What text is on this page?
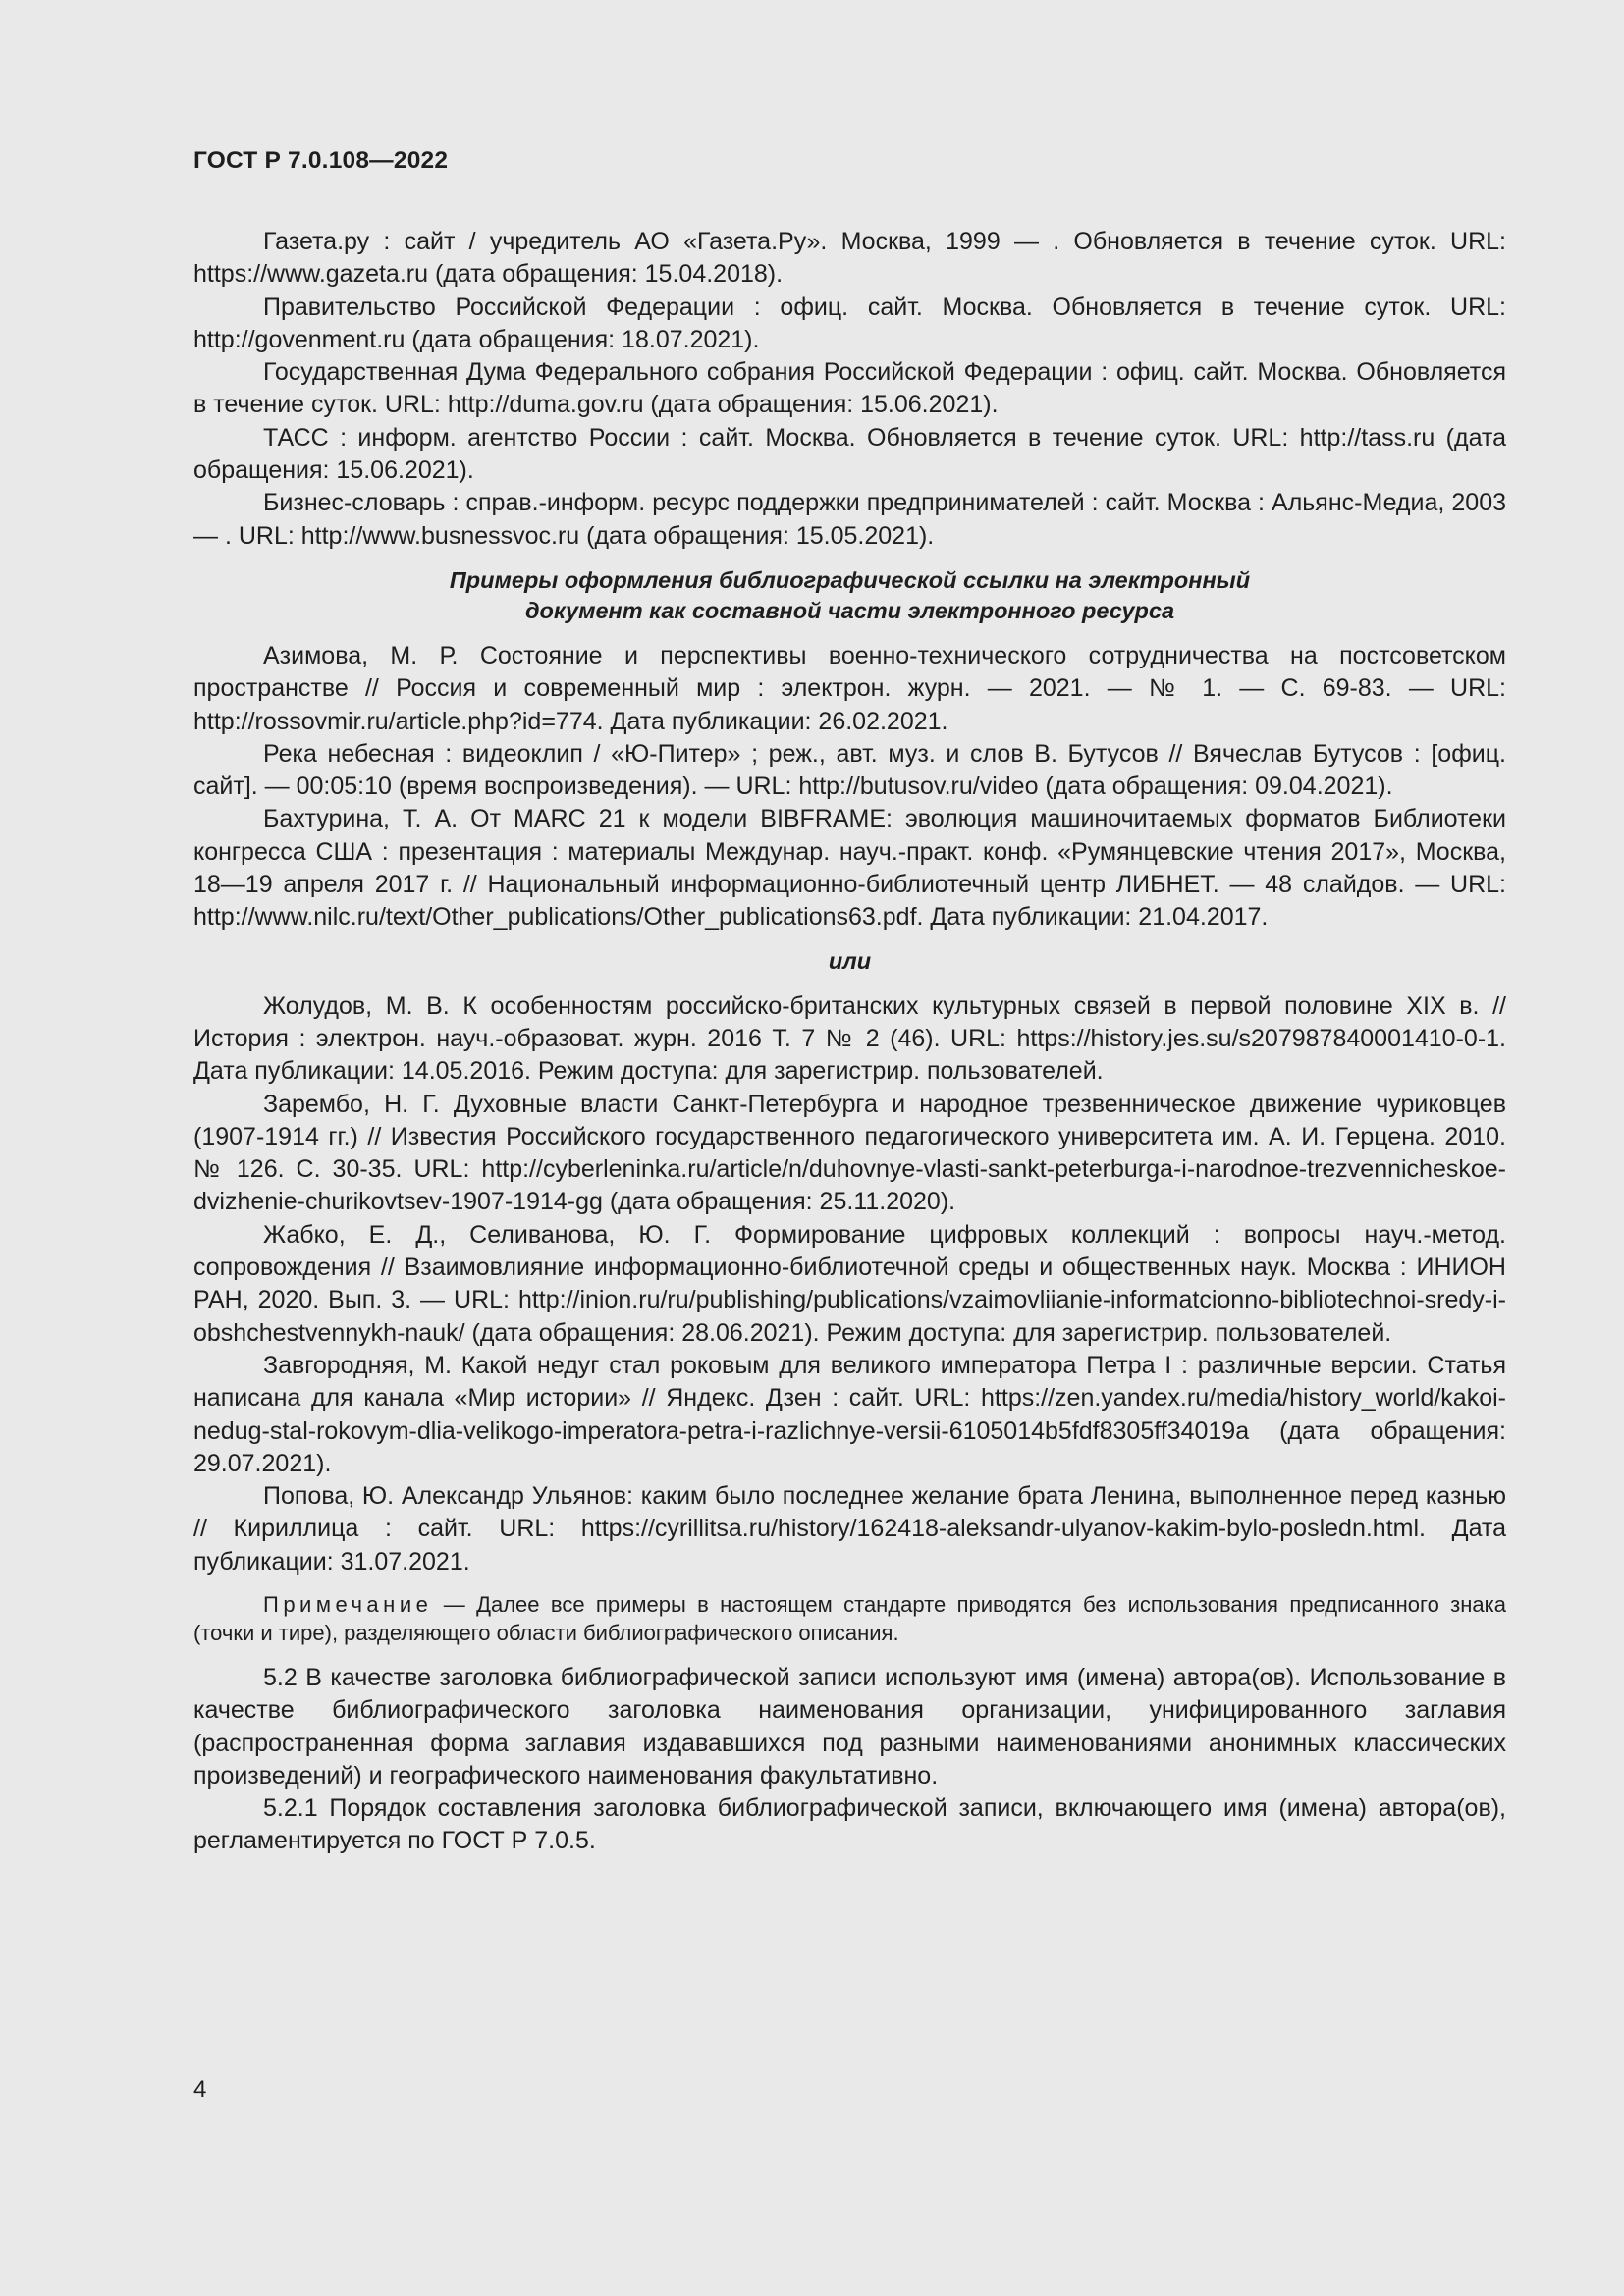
ГОСТ Р 7.0.108—2022

Газета.ру : сайт / учредитель АО «Газета.Ру». Москва, 1999 — . Обновляется в течение суток. URL: https://www.gazeta.ru (дата обращения: 15.04.2018).

Правительство Российской Федерации : офиц. сайт. Москва. Обновляется в течение суток. URL: http://govenment.ru (дата обращения: 18.07.2021).

Государственная Дума Федерального собрания Российской Федерации : офиц. сайт. Москва. Обновляется в течение суток. URL: http://duma.gov.ru (дата обращения: 15.06.2021).

ТАСС : информ. агентство России : сайт. Москва. Обновляется в течение суток. URL: http://tass.ru (дата обращения: 15.06.2021).

Бизнес-словарь : справ.-информ. ресурс поддержки предпринимателей : сайт. Москва : Альянс-Медиа, 2003 — . URL: http://www.busnessvoc.ru (дата обращения: 15.05.2021).

Примеры оформления библиографической ссылки на электронный
документ как составной части электронного ресурса

Азимова, М. Р. Состояние и перспективы военно-технического сотрудничества на постсоветском пространстве // Россия и современный мир : электрон. журн. — 2021. — № 1. — С. 69-83. — URL: http://rossovmir.ru/article.php?id=774. Дата публикации: 26.02.2021.

Река небесная : видеоклип / «Ю-Питер» ; реж., авт. муз. и слов В. Бутусов // Вячеслав Бутусов : [офиц. сайт]. — 00:05:10 (время воспроизведения). — URL: http://butusov.ru/video (дата обращения: 09.04.2021).

Бахтурина, Т. А. От MARC 21 к модели BIBFRAME: эволюция машиночитаемых форматов Библиотеки конгресса США : презентация : материалы Междунар. науч.-практ. конф. «Румянцевские чтения 2017», Москва, 18—19 апреля 2017 г. // Национальный информационно-библиотечный центр ЛИБНЕТ. — 48 слайдов. — URL: http://www.nilc.ru/text/Other_publications/Other_publications63.pdf. Дата публикации: 21.04.2017.

или

Жолудов, М. В. К особенностям российско-британских культурных связей в первой половине XIX в. // История : электрон. науч.-образоват. журн. 2016 Т. 7 № 2 (46). URL: https://history.jes.su/s207987840001410-0-1. Дата публикации: 14.05.2016. Режим доступа: для зарегистрир. пользователей.

Зарембо, Н. Г. Духовные власти Санкт-Петербурга и народное трезвенническое движение чуриковцев (1907-1914 гг.) // Известия Российского государственного педагогического университета им. А. И. Герцена. 2010. № 126. С. 30-35. URL: http://cyberleninka.ru/article/n/duhovnye-vlasti-sankt-peterburga-i-narodnoe-trezvennicheskoe-dvizhenie-churikovtsev-1907-1914-gg (дата обращения: 25.11.2020).

Жабко, Е. Д., Селиванова, Ю. Г. Формирование цифровых коллекций : вопросы науч.-метод. сопровождения // Взаимовлияние информационно-библиотечной среды и общественных наук. Москва : ИНИОН РАН, 2020. Вып. 3. — URL: http://inion.ru/ru/publishing/publications/vzaimovliianie-informatcionno-bibliotechnoi-sredy-i-obshchestvennykh-nauk/ (дата обращения: 28.06.2021). Режим доступа: для зарегистрир. пользователей.

Завгородняя, М. Какой недуг стал роковым для великого императора Петра I : различные версии. Статья написана для канала «Мир истории» // Яндекс. Дзен : сайт. URL: https://zen.yandex.ru/media/history_world/kakoi-nedug-stal-rokovym-dlia-velikogo-imperatora-petra-i-razlichnye-versii-6105014b5fdf8305ff34019a (дата обращения: 29.07.2021).

Попова, Ю. Александр Ульянов: каким было последнее желание брата Ленина, выполненное перед казнью // Кириллица : сайт. URL: https://cyrillitsa.ru/history/162418-aleksandr-ulyanov-kakim-bylo-posledn.html. Дата публикации: 31.07.2021.

Примечание — Далее все примеры в настоящем стандарте приводятся без использования предписанного знака (точки и тире), разделяющего области библиографического описания.

5.2 В качестве заголовка библиографической записи используют имя (имена) автора(ов). Использование в качестве библиографического заголовка наименования организации, унифицированного заглавия (распространенная форма заглавия издававшихся под разными наименованиями анонимных классических произведений) и географического наименования факультативно.

5.2.1 Порядок составления заголовка библиографической записи, включающего имя (имена) автора(ов), регламентируется по ГОСТ Р 7.0.5.

4
